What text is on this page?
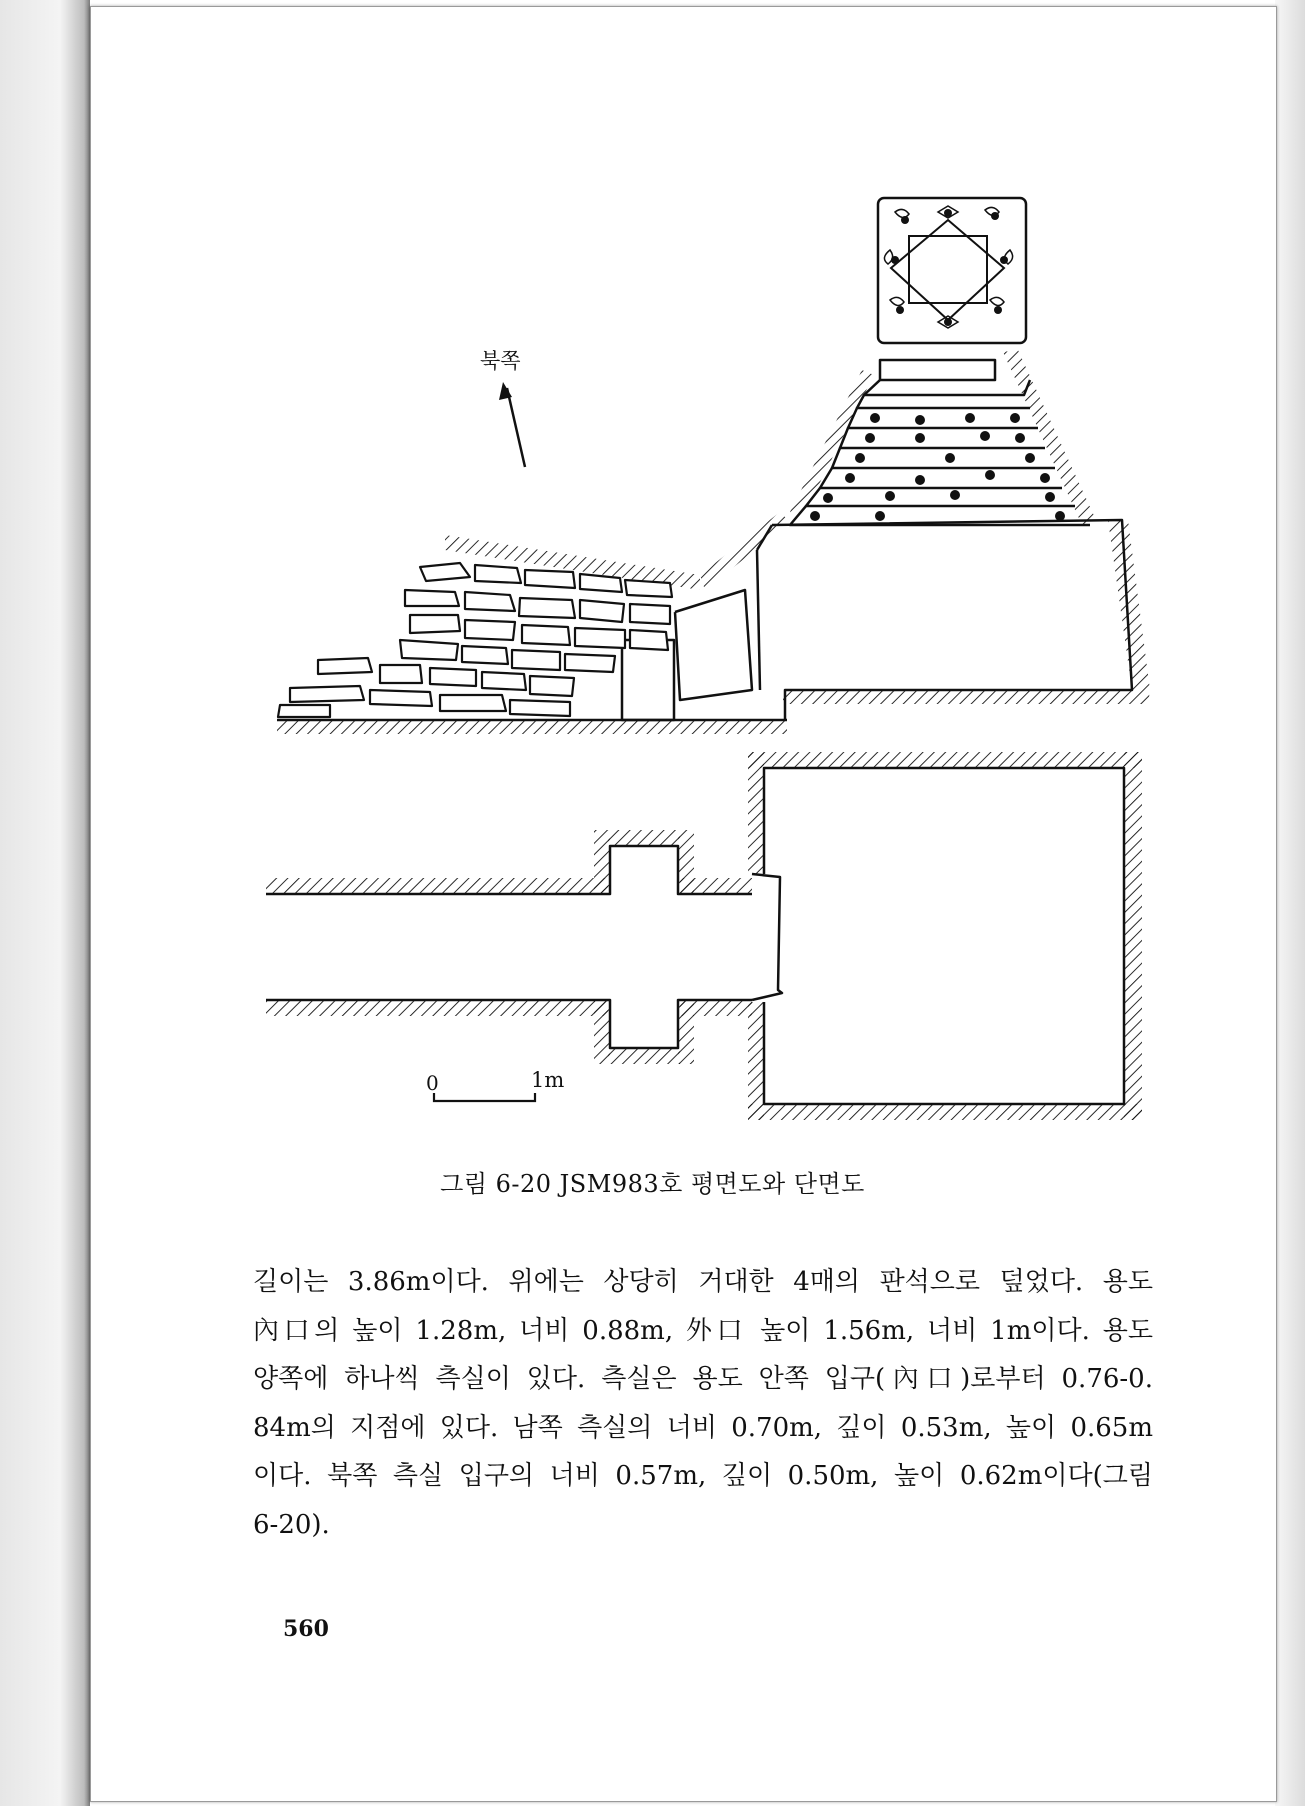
북쪽
0	1m
그림 6-20 JSM983호 평면도와 단면도

길이는 3.86m이다. 위에는 상당히 거대한 4매의 판석으로 덮었다. 용도

內口의 높이 1.28m, 너비 0.88m, 外口 높이 1.56m, 너비 1m이다. 용도

양쪽에 하나씩 측실이 있다. 측실은 용도 안쪽 입구(內口)로부터 0.76-0.

84m의 지점에 있다. 남쪽 측실의 너비 0.70m, 깊이 0.53m, 높이 0.65m

이다. 북쪽 측실 입구의 너비 0.57m, 깊이 0.50m, 높이 0.62m이다(그림

6-20).

560
